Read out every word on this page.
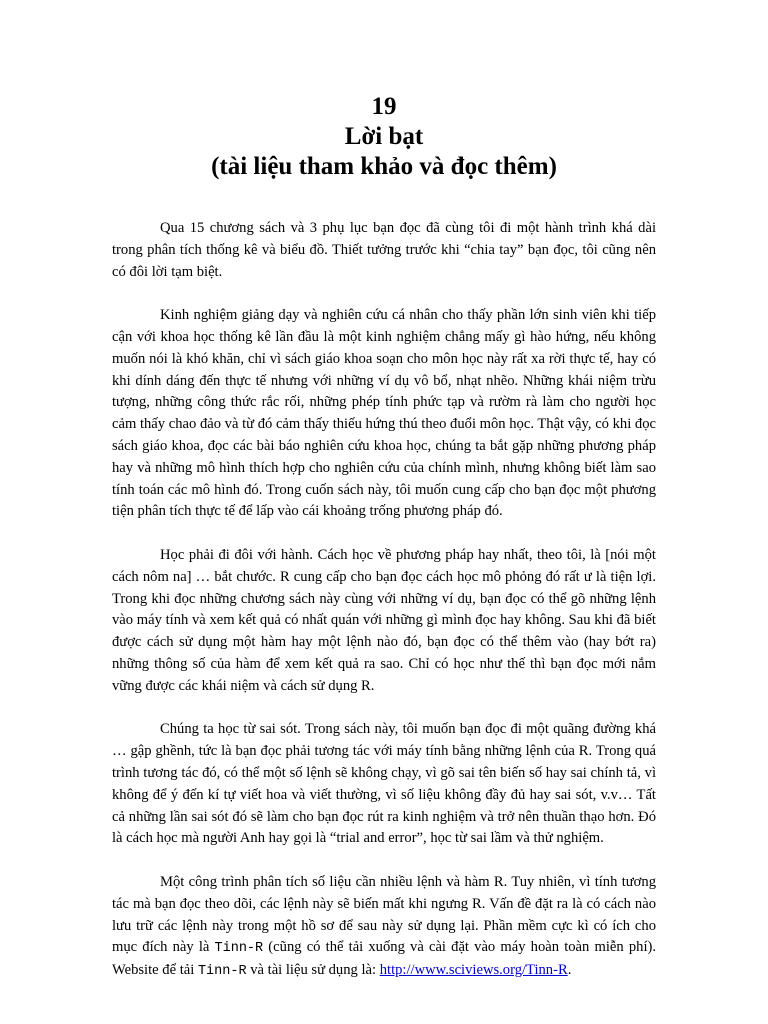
19
Lời bạt
(tài liệu tham khảo và đọc thêm)

Qua 15 chương sách và 3 phụ lục bạn đọc đã cùng tôi đi một hành trình khá dài trong phân tích thống kê và biểu đồ. Thiết tưởng trước khi “chia tay” bạn đọc, tôi cũng nên có đôi lời tạm biệt.

Kinh nghiệm giảng dạy và nghiên cứu cá nhân cho thấy phần lớn sinh viên khi tiếp cận với khoa học thống kê lần đầu là một kinh nghiệm chẳng mấy gì hào hứng, nếu không muốn nói là khó khăn, chỉ vì sách giáo khoa soạn cho môn học này rất xa rời thực tế, hay có khi dính dáng đến thực tế nhưng với những ví dụ vô bổ, nhạt nhẽo. Những khái niệm trừu tượng, những công thức rắc rối, những phép tính phức tạp và rườm rà làm cho người học cảm thấy chao đảo và từ đó cảm thấy thiếu hứng thú theo đuổi môn học. Thật vậy, có khi đọc sách giáo khoa, đọc các bài báo nghiên cứu khoa học, chúng ta bắt gặp những phương pháp hay và những mô hình thích hợp cho nghiên cứu của chính mình, nhưng không biết làm sao tính toán các mô hình đó. Trong cuốn sách này, tôi muốn cung cấp cho bạn đọc một phương tiện phân tích thực tế để lấp vào cái khoảng trống phương pháp đó.

Học phải đi đôi với hành. Cách học về phương pháp hay nhất, theo tôi, là [nói một cách nôm na] … bắt chước. R cung cấp cho bạn đọc cách học mô phỏng đó rất ư là tiện lợi. Trong khi đọc những chương sách này cùng với những ví dụ, bạn đọc có thể gõ những lệnh vào máy tính và xem kết quả có nhất quán với những gì mình đọc hay không. Sau khi đã biết được cách sử dụng một hàm hay một lệnh nào đó, bạn đọc có thể thêm vào (hay bớt ra) những thông số của hàm để xem kết quả ra sao. Chỉ có học như thế thì bạn đọc mới nắm vững được các khái niệm và cách sử dụng R.

Chúng ta học từ sai sót. Trong sách này, tôi muốn bạn đọc đi một quãng đường khá … gập ghềnh, tức là bạn đọc phải tương tác với máy tính bằng những lệnh của R. Trong quá trình tương tác đó, có thể một số lệnh sẽ không chạy, vì gõ sai tên biến số hay sai chính tả, vì không để ý đến kí tự viết hoa và viết thường, vì số liệu không đầy đủ hay sai sót, v.v… Tất cả những lần sai sót đó sẽ làm cho bạn đọc rút ra kinh nghiệm và trở nên thuần thạo hơn. Đó là cách học mà người Anh hay gọi là “trial and error”, học từ sai lầm và thử nghiệm.

Một công trình phân tích số liệu cần nhiều lệnh và hàm R. Tuy nhiên, vì tính tương tác mà bạn đọc theo dõi, các lệnh này sẽ biến mất khi ngưng R. Vấn đề đặt ra là có cách nào lưu trữ các lệnh này trong một hồ sơ để sau này sử dụng lại. Phần mềm cực kì có ích cho mục đích này là Tinn-R (cũng có thể tải xuống và cài đặt vào máy hoàn toàn miễn phí). Website để tải Tinn-R và tài liệu sử dụng là: http://www.sciviews.org/Tinn-R.
